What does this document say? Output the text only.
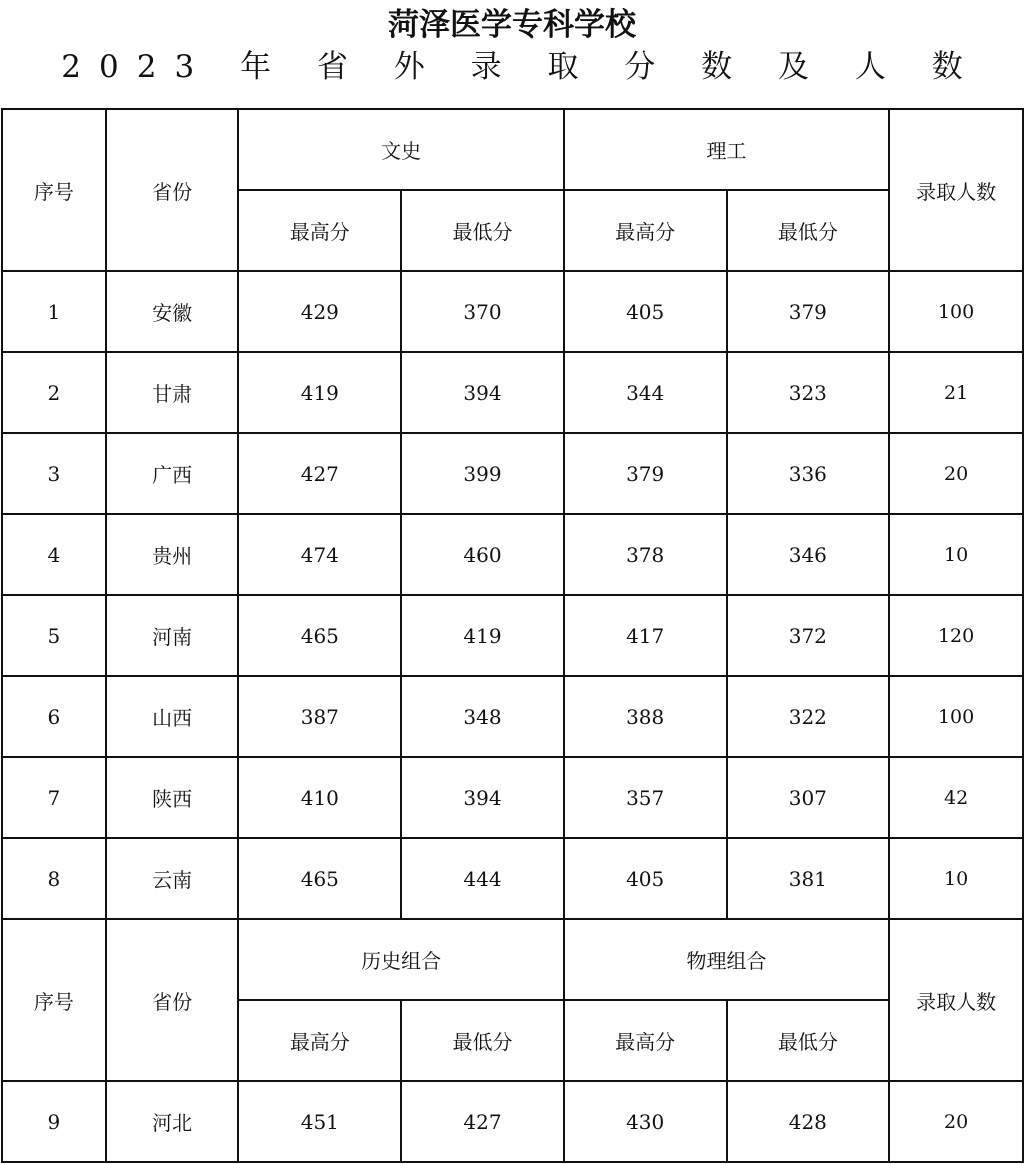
菏泽医学专科学校
2023 年 省 外 录 取 分 数 及 人 数
序号	省份	文史		理工		录取人数
		最高分	最低分	最高分	最低分	
1	安徽	429	370	405	379	100
2	甘肃	419	394	344	323	21
3	广西	427	399	379	336	20
4	贵州	474	460	378	346	10
5	河南	465	419	417	372	120
6	山西	387	348	388	322	100
7	陕西	410	394	357	307	42
8	云南	465	444	405	381	10
序号	省份	历史组合		物理组合		录取人数
		最高分	最低分	最高分	最低分	
9	河北	451	427	430	428	20
